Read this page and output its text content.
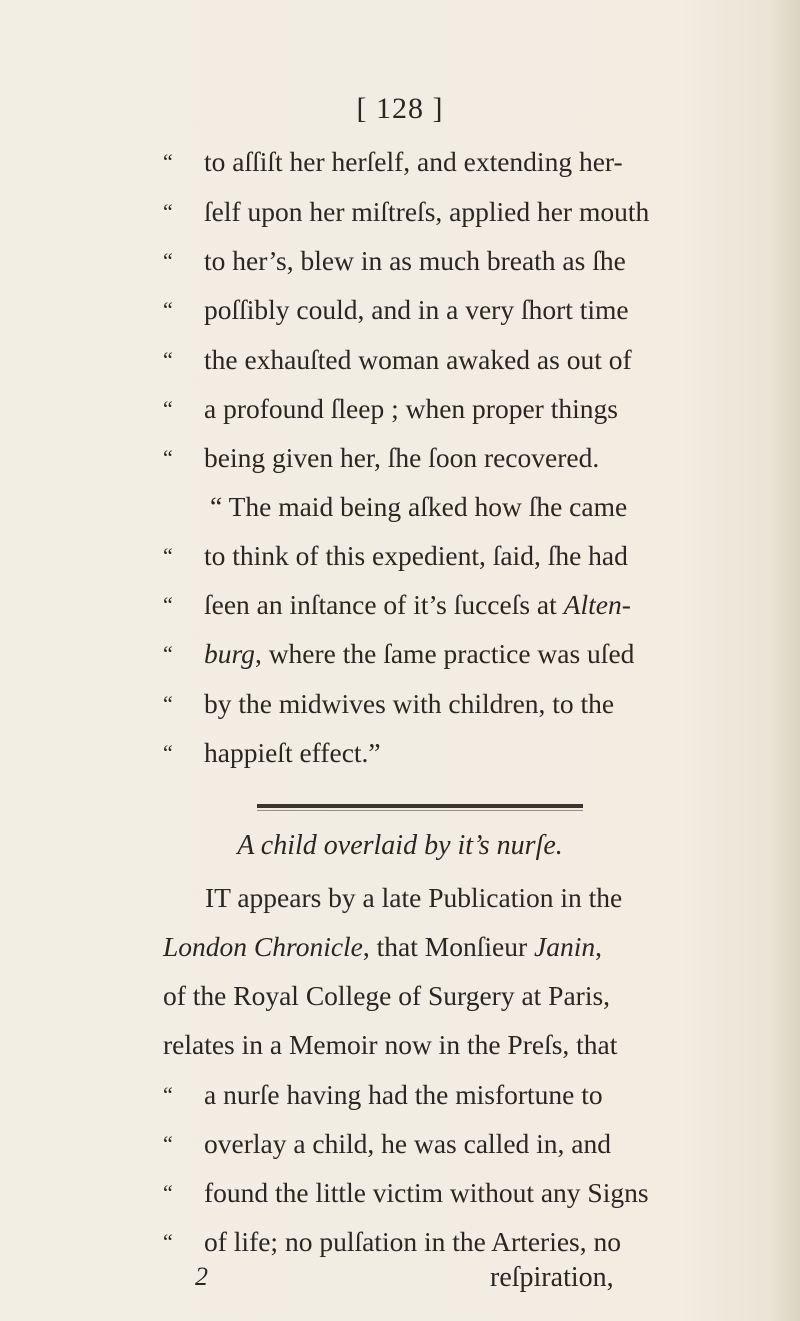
[ 128 ]
“ to aſſiſt her herſelf, and extending her-
“ ſelf upon her miſtreſs, applied her mouth
“ to her’s, blew in as much breath as ſhe
“ poſſibly could, and in a very ſhort time
“ the exhauſted woman awaked as out of
“ a profound ſleep ; when proper things
“ being given her, ſhe ſoon recovered.
“ The maid being aſked how ſhe came
“ to think of this expedient, ſaid, ſhe had
“ ſeen an inſtance of it’s ſucceſs at Alten-
“ burg, where the ſame practice was uſed
“ by the midwives with children, to the
“ happieſt effect.”
A child overlaid by it’s nurſe.
IT appears by a late Publication in the
London Chronicle, that Monſieur Janin,
of the Royal College of Surgery at Paris,
relates in a Memoir now in the Preſs, that
“ a nurſe having had the misfortune to
“ overlay a child, he was called in, and
“ found the little victim without any Signs
“ of life; no pulſation in the Arteries, no
2	reſpiration,
